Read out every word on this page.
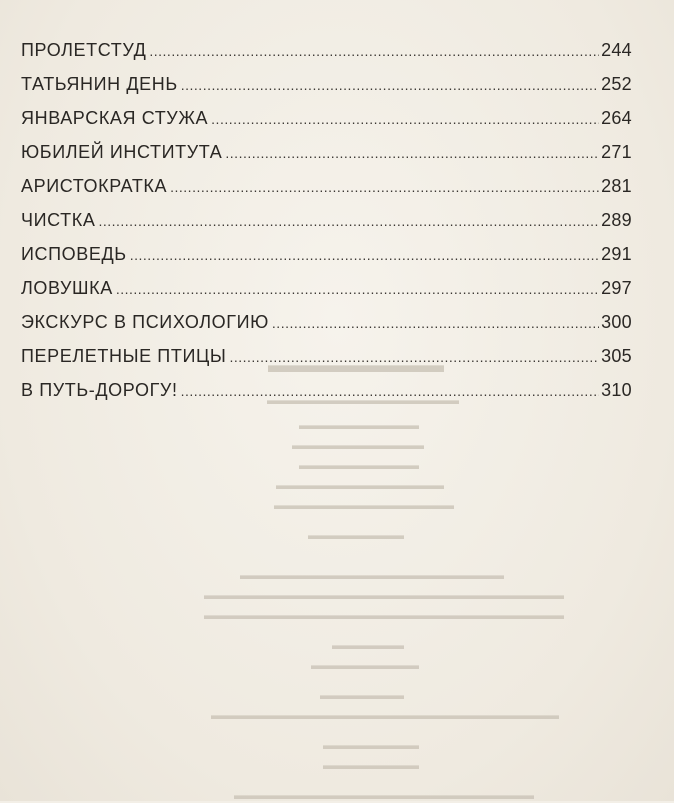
▬▬▬▬▬▬▬▬
▬▬▬▬▬▬▬▬▬▬▬▬▬▬▬▬
▬▬▬▬▬▬▬▬▬▬
▬▬▬▬▬▬▬▬▬▬▬
▬▬▬▬▬▬▬▬▬▬
▬▬▬▬▬▬▬▬▬▬▬▬▬▬
▬▬▬▬▬▬▬▬▬▬▬▬▬▬▬
▬▬▬▬▬▬▬▬
▬▬▬▬▬▬▬▬▬▬▬▬▬▬▬▬▬▬▬▬▬▬
▬▬▬▬▬▬▬▬▬▬▬▬▬▬▬▬▬▬▬▬▬▬▬▬▬▬▬▬▬▬
▬▬▬▬▬▬▬▬▬▬▬▬▬▬▬▬▬▬▬▬▬▬▬▬▬▬▬▬▬▬
▬▬▬▬▬▬
▬▬▬▬▬▬▬▬▬
▬▬▬▬▬▬▬
▬▬▬▬▬▬▬▬▬▬▬▬▬▬▬▬▬▬▬▬▬▬▬▬▬▬▬▬▬
▬▬▬▬▬▬▬▬
▬▬▬▬▬▬▬▬
▬▬▬▬▬▬▬▬▬▬▬▬▬▬▬▬▬▬▬▬▬▬▬▬▬
ПРОЛЕТСТУД .....	244
ТАТЬЯНИН ДЕНЬ .....	252
ЯНВАРСКАЯ СТУЖА .....	264
ЮБИЛЕЙ ИНСТИТУТА .....	271
АРИСТОКРАТКА .....	281
ЧИСТКА .....	289
ИСПОВЕДЬ .....	291
ЛОВУШКА .....	297
ЭКСКУРС В ПСИХОЛОГИЮ .....	300
ПЕРЕЛЕТНЫЕ ПТИЦЫ .....	305
В ПУТЬ-ДОРОГУ! .....	310
